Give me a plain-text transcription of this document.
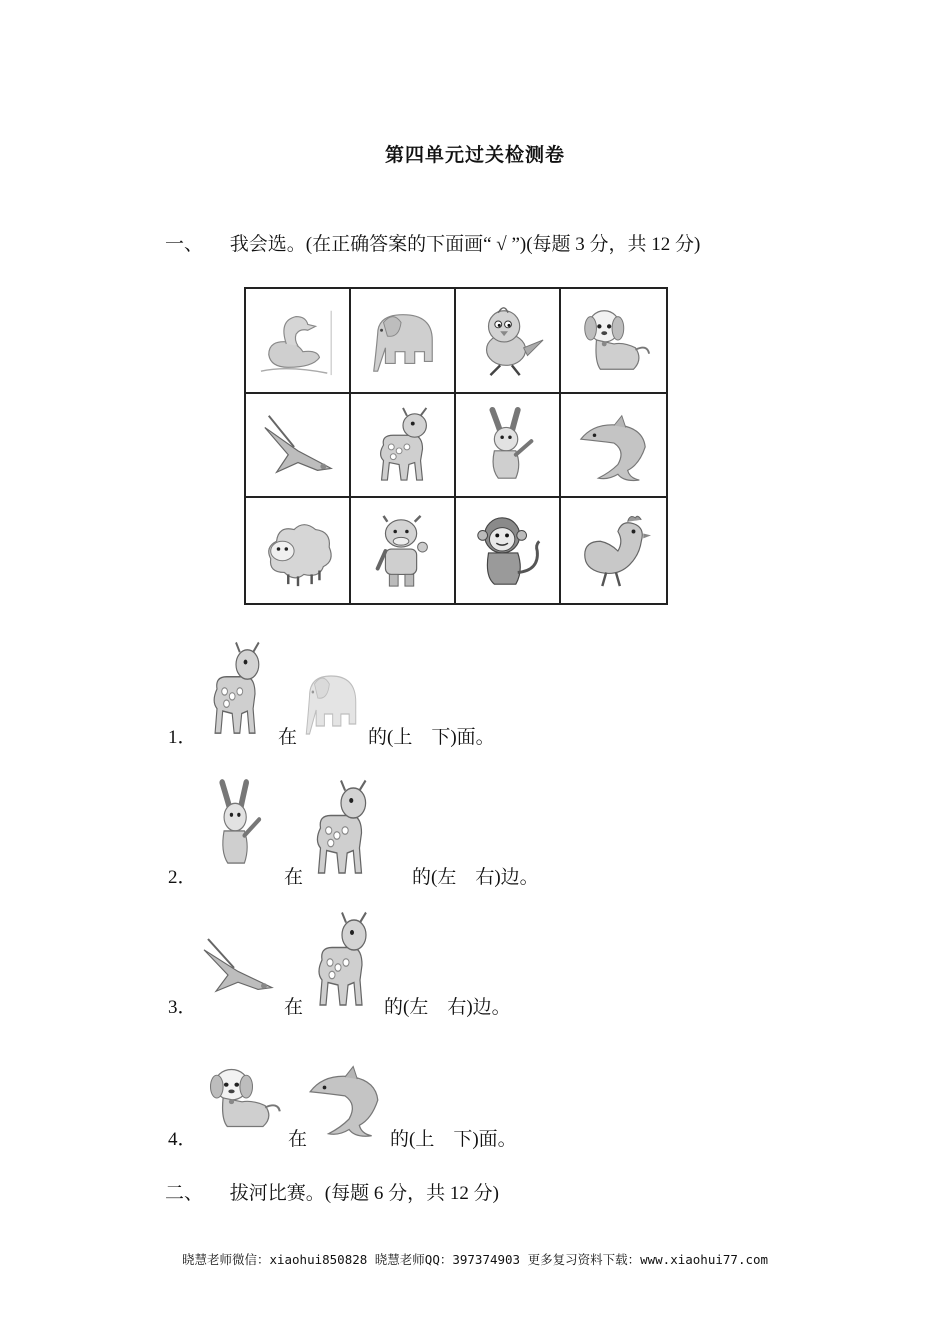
第四单元过关检测卷
一、 我会选。(在正确答案的下面画“ √ ”)(每题 3 分，共 12 分)
1．	在	的(上　下)面。
2．	在	的(左　右)边。
3．	在	的(左　右)边。
4．	在	的(上　下)面。
二、 拔河比赛。(每题 6 分，共 12 分)
晓慧老师微信：xiaohui850828 晓慧老师QQ：397374903 更多复习资料下载：www.xiaohui77.com
